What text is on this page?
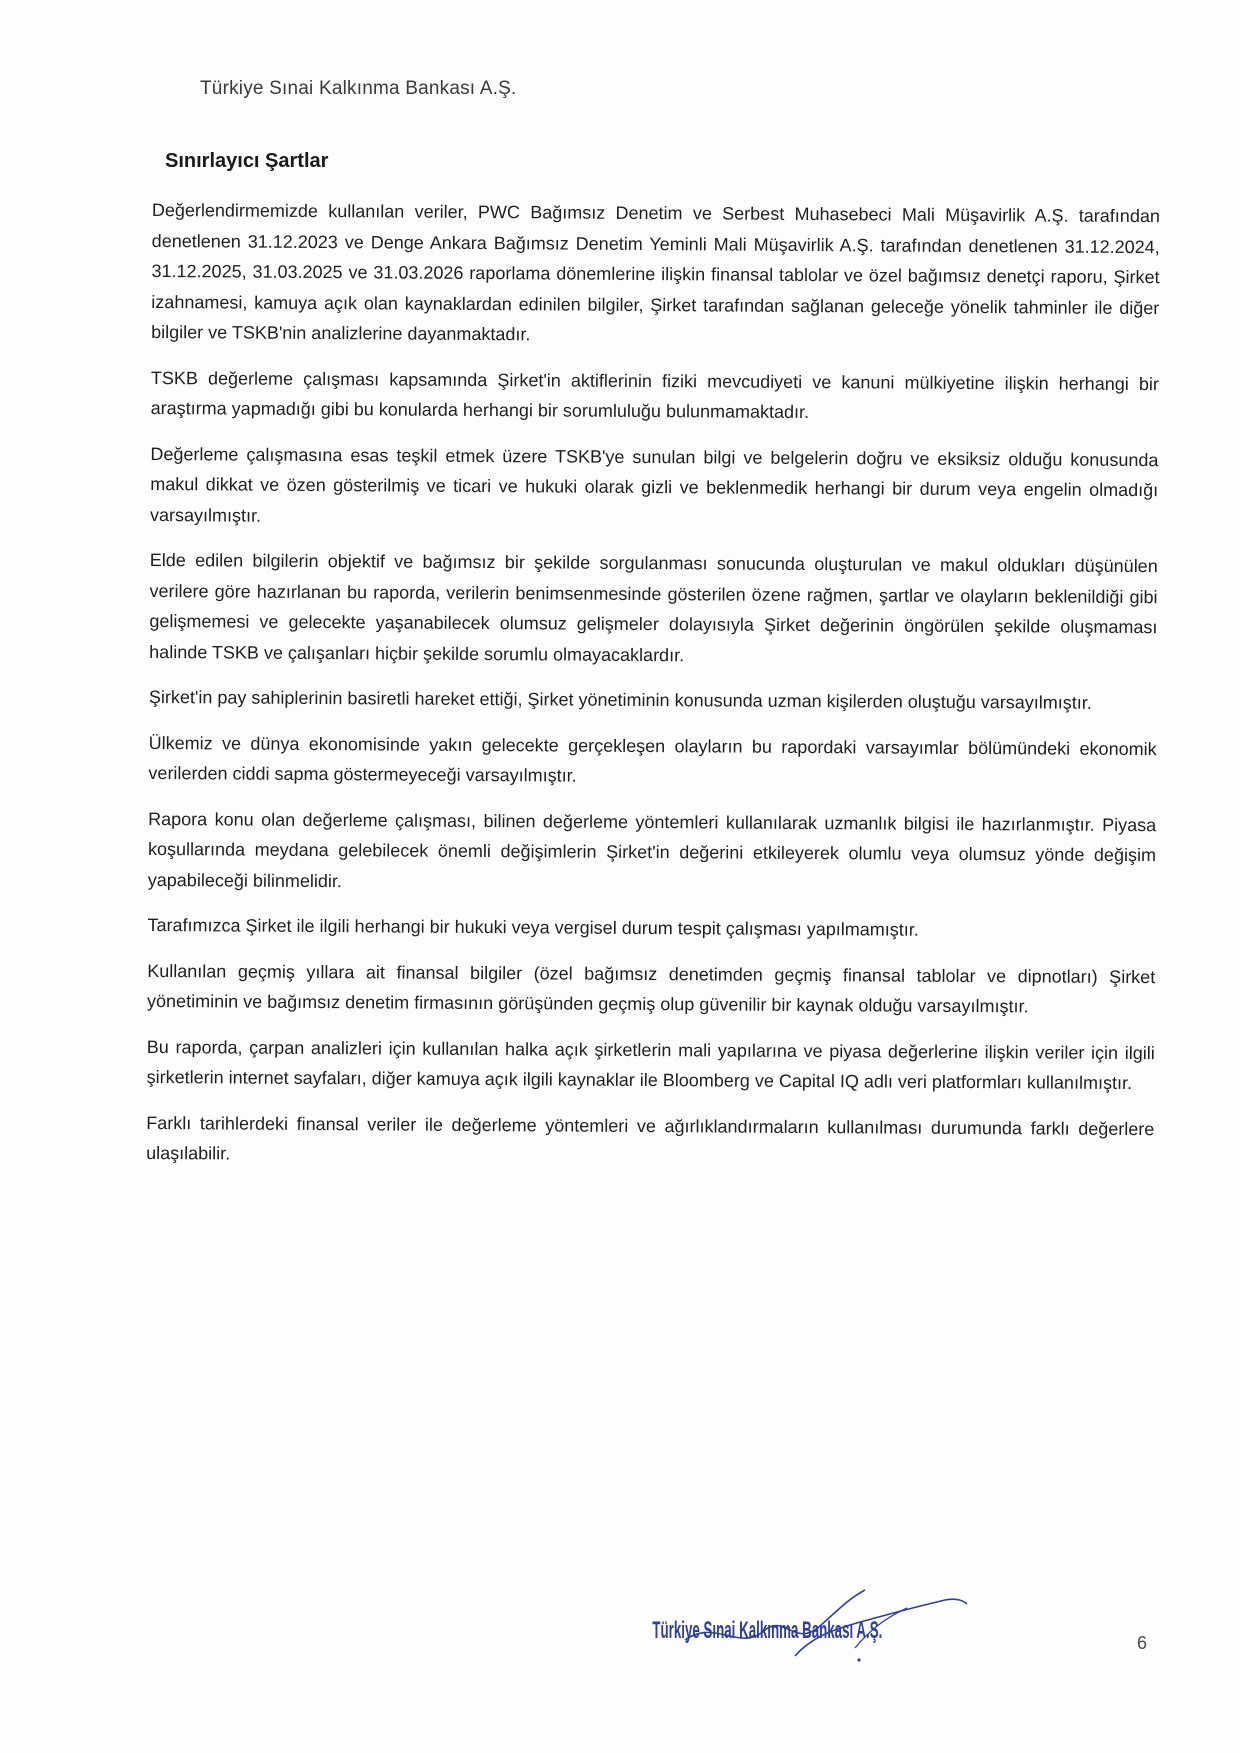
Türkiye Sınai Kalkınma Bankası A.Ş.
Sınırlayıcı Şartlar

Değerlendirmemizde kullanılan veriler, PWC Bağımsız Denetim ve Serbest Muhasebeci Mali Müşavirlik A.Ş. tarafından denetlenen 31.12.2023 ve Denge Ankara Bağımsız Denetim Yeminli Mali Müşavirlik A.Ş. tarafından denetlenen 31.12.2024, 31.12.2025, 31.03.2025 ve 31.03.2026 raporlama dönemlerine ilişkin finansal tablolar ve özel bağımsız denetçi raporu, Şirket izahnamesi, kamuya açık olan kaynaklardan edinilen bilgiler, Şirket tarafından sağlanan geleceğe yönelik tahminler ile diğer bilgiler ve TSKB'nin analizlerine dayanmaktadır.

TSKB değerleme çalışması kapsamında Şirket'in aktiflerinin fiziki mevcudiyeti ve kanuni mülkiyetine ilişkin herhangi bir araştırma yapmadığı gibi bu konularda herhangi bir sorumluluğu bulunmamaktadır.

Değerleme çalışmasına esas teşkil etmek üzere TSKB'ye sunulan bilgi ve belgelerin doğru ve eksiksiz olduğu konusunda makul dikkat ve özen gösterilmiş ve ticari ve hukuki olarak gizli ve beklenmedik herhangi bir durum veya engelin olmadığı varsayılmıştır.

Elde edilen bilgilerin objektif ve bağımsız bir şekilde sorgulanması sonucunda oluşturulan ve makul oldukları düşünülen verilere göre hazırlanan bu raporda, verilerin benimsenmesinde gösterilen özene rağmen, şartlar ve olayların beklenildiği gibi gelişmemesi ve gelecekte yaşanabilecek olumsuz gelişmeler dolayısıyla Şirket değerinin öngörülen şekilde oluşmaması halinde TSKB ve çalışanları hiçbir şekilde sorumlu olmayacaklardır.

Şirket'in pay sahiplerinin basiretli hareket ettiği, Şirket yönetiminin konusunda uzman kişilerden oluştuğu varsayılmıştır.

Ülkemiz ve dünya ekonomisinde yakın gelecekte gerçekleşen olayların bu rapordaki varsayımlar bölümündeki ekonomik verilerden ciddi sapma göstermeyeceği varsayılmıştır.

Rapora konu olan değerleme çalışması, bilinen değerleme yöntemleri kullanılarak uzmanlık bilgisi ile hazırlanmıştır. Piyasa koşullarında meydana gelebilecek önemli değişimlerin Şirket'in değerini etkileyerek olumlu veya olumsuz yönde değişim yapabileceği bilinmelidir.

Tarafımızca Şirket ile ilgili herhangi bir hukuki veya vergisel durum tespit çalışması yapılmamıştır.

Kullanılan geçmiş yıllara ait finansal bilgiler (özel bağımsız denetimden geçmiş finansal tablolar ve dipnotları) Şirket yönetiminin ve bağımsız denetim firmasının görüşünden geçmiş olup güvenilir bir kaynak olduğu varsayılmıştır.

Bu raporda, çarpan analizleri için kullanılan halka açık şirketlerin mali yapılarına ve piyasa değerlerine ilişkin veriler için ilgili şirketlerin internet sayfaları, diğer kamuya açık ilgili kaynaklar ile Bloomberg ve Capital IQ adlı veri platformları kullanılmıştır.

Farklı tarihlerdeki finansal veriler ile değerleme yöntemleri ve ağırlıklandırmaların kullanılması durumunda farklı değerlere ulaşılabilir.

Türkiye Sınai Kalkınma Bankası A.Ş.	6
